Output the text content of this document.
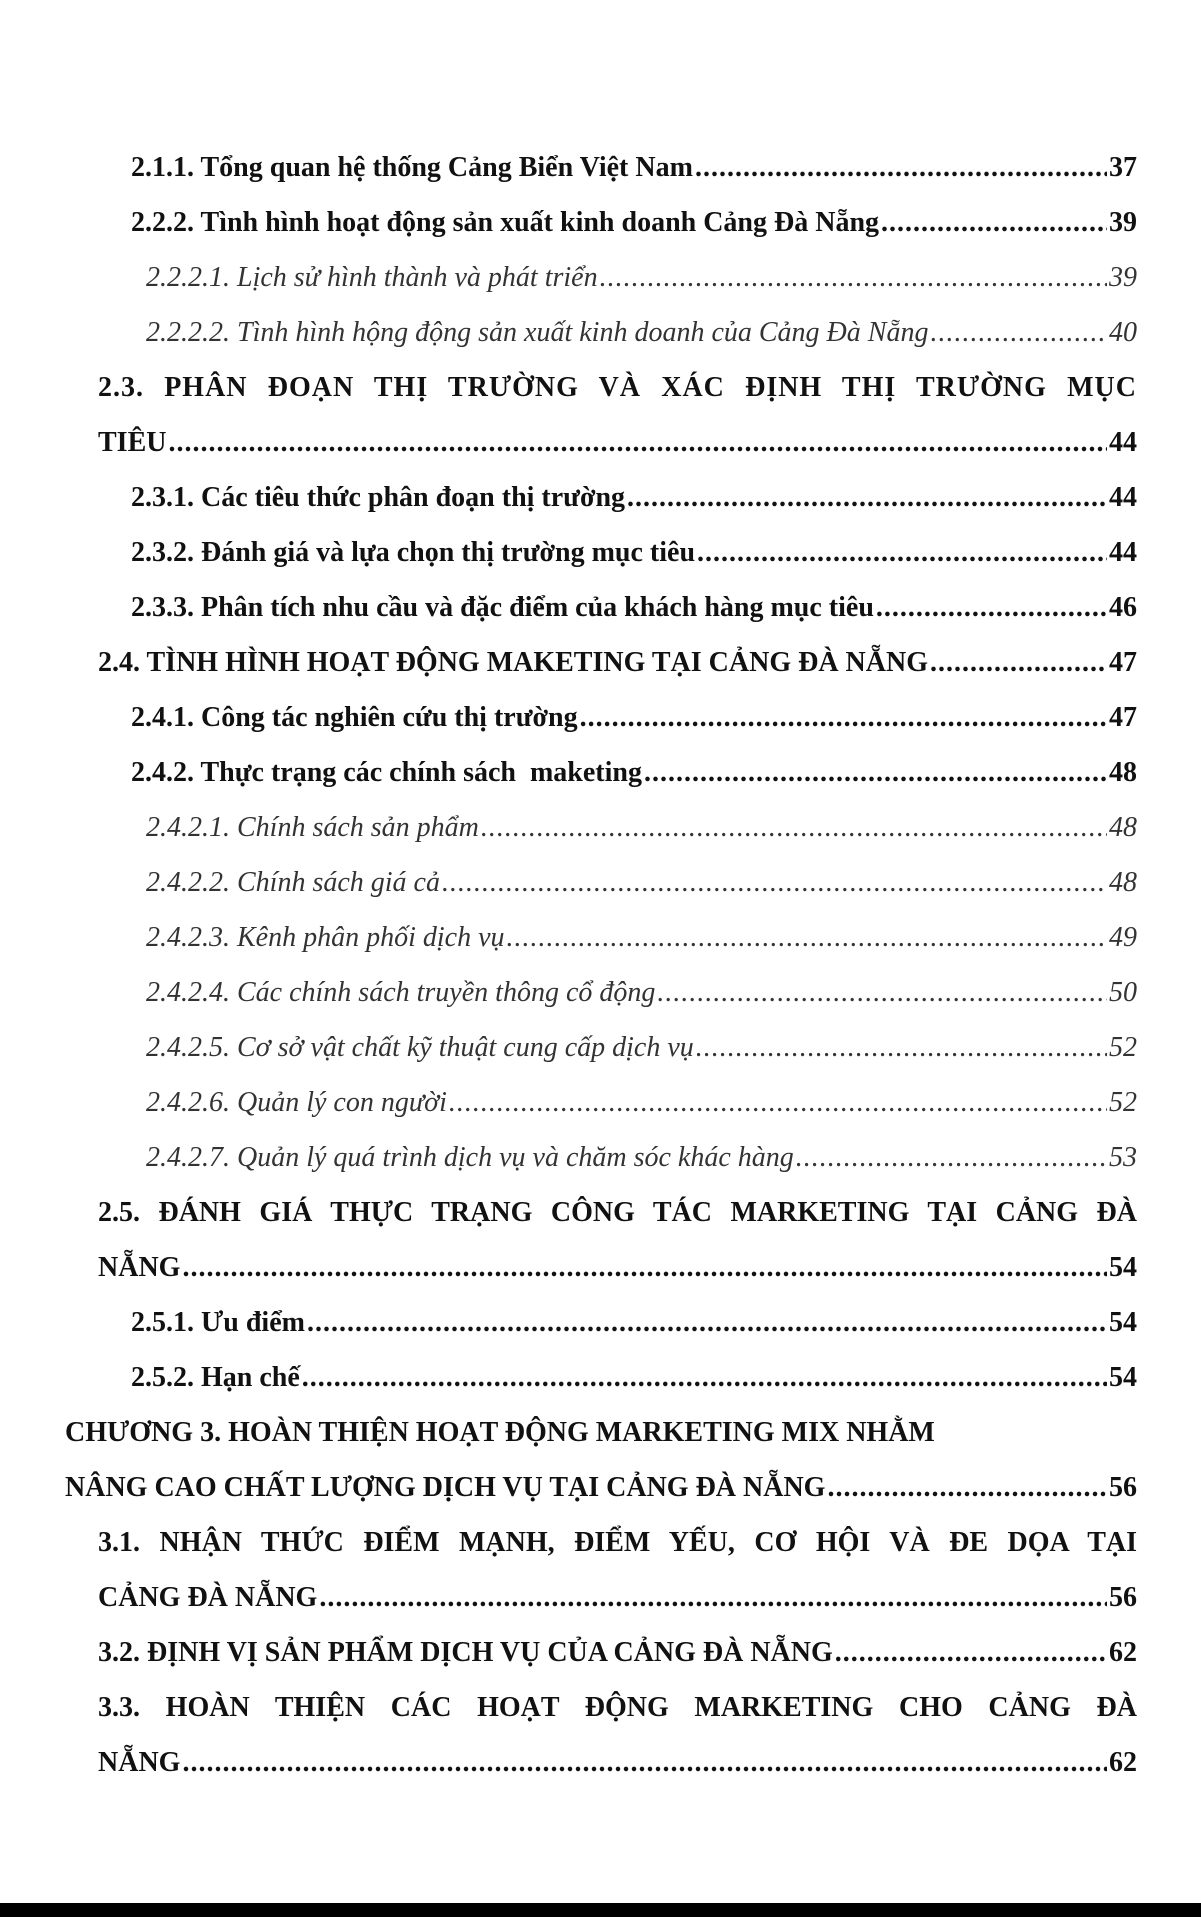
2.1.1. Tổng quan hệ thống Cảng Biển Việt Nam .....	37
2.2.2. Tình hình hoạt động sản xuất kinh doanh Cảng Đà Nẵng .....	39
2.2.2.1. Lịch sử hình thành và phát triển .....	39
2.2.2.2. Tình hình hộng động sản xuất kinh doanh của Cảng Đà Nẵng .....	40
2.3. PHÂN ĐOẠN THỊ TRƯỜNG VÀ XÁC ĐỊNH THỊ TRƯỜNG MỤC
TIÊU .....	44
2.3.1. Các tiêu thức phân đoạn thị trường .....	44
2.3.2. Đánh giá và lựa chọn thị trường mục tiêu .....	44
2.3.3. Phân tích nhu cầu và đặc điểm của khách hàng mục tiêu .....	46
2.4. TÌNH HÌNH HOẠT ĐỘNG MAKETING TẠI CẢNG ĐÀ NẴNG .....	47
2.4.1. Công tác nghiên cứu thị trường .....	47
2.4.2. Thực trạng các chính sách  maketing .....	48
2.4.2.1. Chính sách sản phẩm .....	48
2.4.2.2. Chính sách giá cả .....	48
2.4.2.3. Kênh phân phối dịch vụ .....	49
2.4.2.4. Các chính sách truyền thông cổ động .....	50
2.4.2.5. Cơ sở vật chất kỹ thuật cung cấp dịch vụ .....	52
2.4.2.6. Quản lý con người .....	52
2.4.2.7. Quản lý quá trình dịch vụ và chăm sóc khác hàng .....	53
2.5. ĐÁNH GIÁ THỰC TRẠNG CÔNG TÁC MARKETING TẠI CẢNG ĐÀ
NẴNG .....	54
2.5.1. Ưu điểm .....	54
2.5.2. Hạn chế .....	54
CHƯƠNG 3. HOÀN THIỆN HOẠT ĐỘNG MARKETING MIX NHẰM
NÂNG CAO CHẤT LƯỢNG DỊCH VỤ TẠI CẢNG ĐÀ NẴNG .....	56
3.1. NHẬN THỨC ĐIỂM MẠNH, ĐIỂM YẾU, CƠ HỘI VÀ ĐE DỌA TẠI
CẢNG ĐÀ NẴNG .....	56
3.2. ĐỊNH VỊ SẢN PHẨM DỊCH VỤ CỦA CẢNG ĐÀ NẴNG .....	62
3.3. HOÀN THIỆN CÁC HOẠT ĐỘNG MARKETING CHO CẢNG ĐÀ
NẴNG .....	62
